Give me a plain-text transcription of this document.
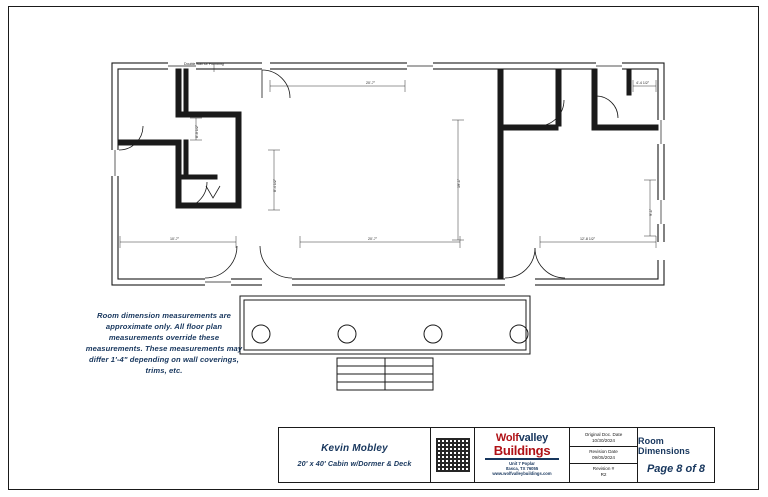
Double wall for Plumbing
20'-7"	4'-4 1/2"
10'-7"	20'-7"	12'-8 1/2"
8'-4 1/2"	19'-1"
9'-1"
8'-0 1/2"
Room dimension measurements are approximate only. All floor plan measurements override these measurements. These measurements may differ 1'-4" depending on wall coverings, trims, etc.
Kevin Mobley
20' x 40' Cabin w/Dormer & Deck
Wolfvalley
Buildings
Unit 7 Poplar
Itasca, TX 76055
www.wolfvalleybuildings.com
Original Doc. Date
10/30/2024
Revision Date
09/05/2024
Revision #
R2
Room Dimensions
Page 8 of 8
